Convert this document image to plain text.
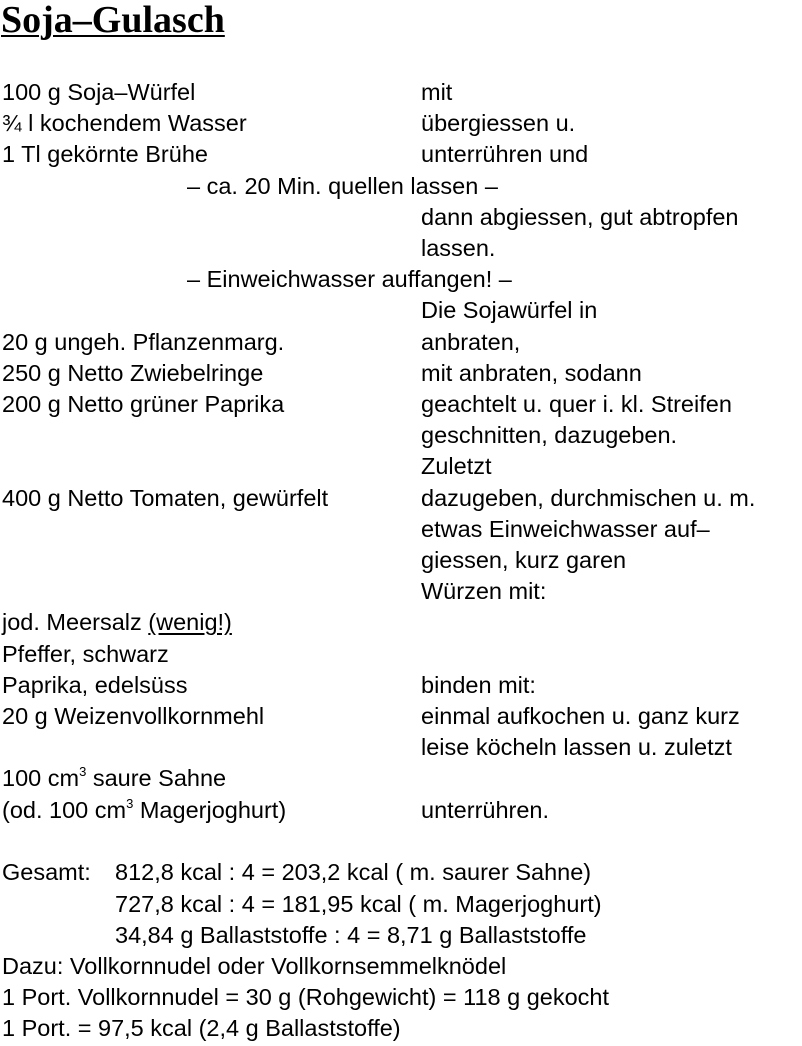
Soja–Gulasch
100 g Soja–Würfel	mit
¾ l kochendem Wasser	übergiessen u.
1 Tl gekörnte Brühe	unterrühren und
– ca. 20 Min. quellen lassen –
dann abgiessen, gut abtropfen
lassen.
– Einweichwasser auffangen! –
Die Sojawürfel in
20 g ungeh. Pflanzenmarg.	anbraten,
250 g Netto Zwiebelringe	mit anbraten, sodann
200 g Netto grüner Paprika	geachtelt u. quer i. kl. Streifen
geschnitten, dazugeben.
Zuletzt
400 g Netto Tomaten, gewürfelt	dazugeben, durchmischen u. m.
etwas Einweichwasser auf–
giessen, kurz garen
Würzen mit:
jod. Meersalz (wenig!)
Pfeffer, schwarz
Paprika, edelsüss	binden mit:
20 g Weizenvollkornmehl	einmal aufkochen u. ganz kurz
leise köcheln lassen u. zuletzt
100 $cm^3$ saure Sahne
(od. 100 $cm^3$ Magerjoghurt)	unterrühren.
Gesamt: 812,8 kcal : 4 = 203,2 kcal ( m. saurer Sahne)
727,8 kcal : 4 = 181,95 kcal ( m. Magerjoghurt)
34,84 g Ballaststoffe : 4 = 8,71 g Ballaststoffe
Dazu: Vollkornnudel oder Vollkornsemmelknödel
1 Port. Vollkornnudel = 30 g (Rohgewicht) = 118 g gekocht
1 Port. = 97,5 kcal (2,4 g Ballaststoffe)
